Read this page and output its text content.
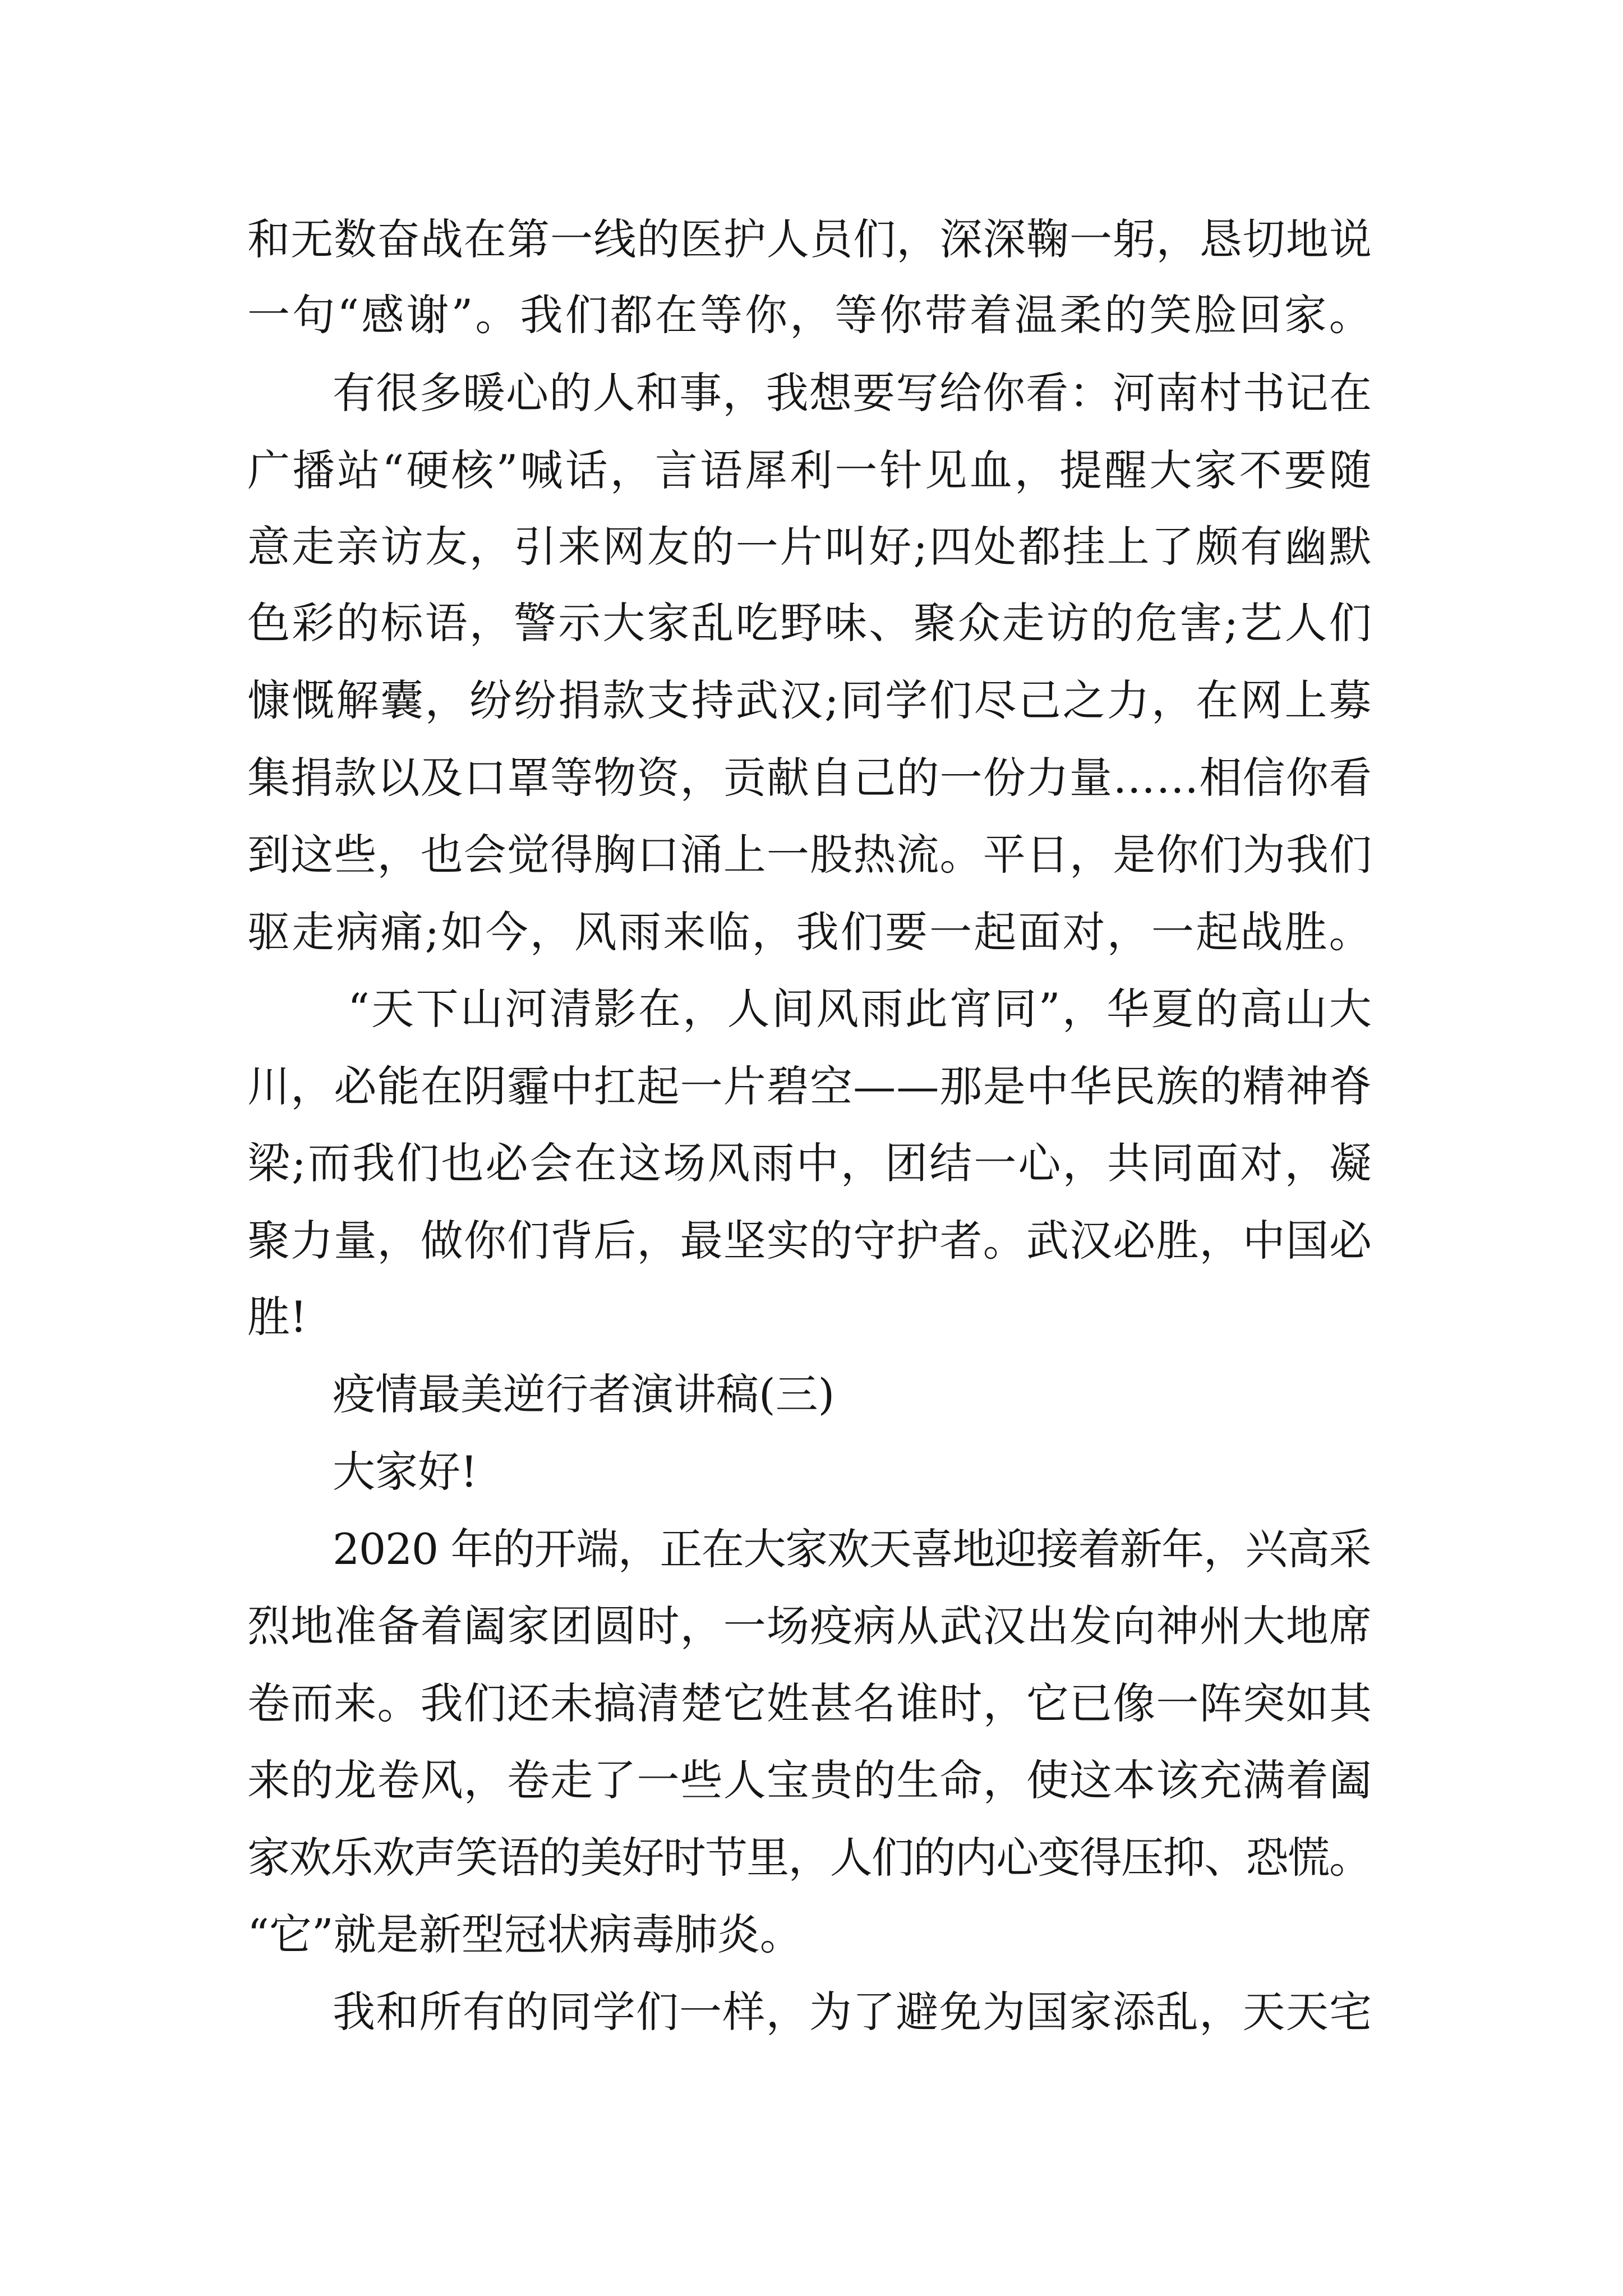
和无数奋战在第一线的医护人员们，深深鞠一躬，恳切地说
一句“感谢”。我们都在等你，等你带着温柔的笑脸回家。
有很多暖心的人和事，我想要写给你看：河南村书记在
广播站“硬核”喊话，言语犀利一针见血，提醒大家不要随
意走亲访友，引来网友的一片叫好;四处都挂上了颇有幽默
色彩的标语，警示大家乱吃野味、聚众走访的危害;艺人们
慷慨解囊，纷纷捐款支持武汉;同学们尽己之力，在网上募
集捐款以及口罩等物资，贡献自己的一份力量……相信你看
到这些，也会觉得胸口涌上一股热流。平日，是你们为我们
驱走病痛;如今，风雨来临，我们要一起面对，一起战胜。
“天下山河清影在，人间风雨此宵同”，华夏的高山大
川，必能在阴霾中扛起一片碧空——那是中华民族的精神脊
梁;而我们也必会在这场风雨中，团结一心，共同面对，凝
聚力量，做你们背后，最坚实的守护者。武汉必胜，中国必
胜!
疫情最美逆行者演讲稿(三)
大家好!
2020 年的开端，正在大家欢天喜地迎接着新年，兴高采
烈地准备着阖家团圆时，一场疫病从武汉出发向神州大地席
卷而来。我们还未搞清楚它姓甚名谁时，它已像一阵突如其
来的龙卷风，卷走了一些人宝贵的生命，使这本该充满着阖
家欢乐欢声笑语的美好时节里，人们的内心变得压抑、恐慌。
“它”就是新型冠状病毒肺炎。
我和所有的同学们一样，为了避免为国家添乱，天天宅
